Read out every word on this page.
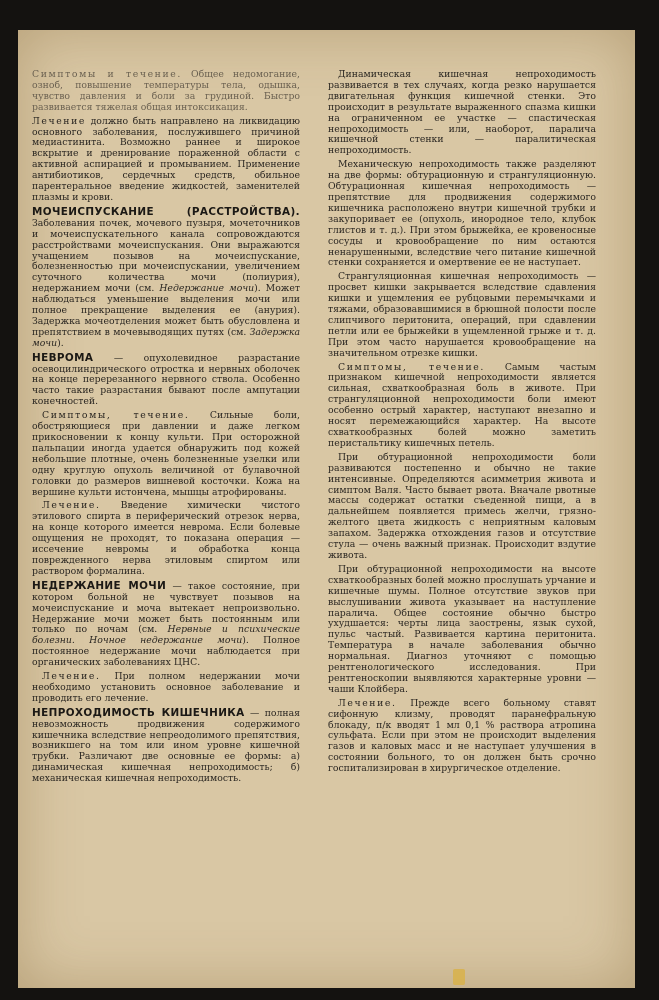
Симптомы и течение. Общее недомогание, озноб, повышение температуры тела, одышка, чувство давления и боли за грудиной. Быстро развивается тяжелая общая интоксикация.

Лечение должно быть направлено на ликвидацию основного заболевания, послужившего причиной медиастинита. Возможно раннее и широкое вскрытие и дренирование пораженной области с активной аспирацией и промыванием. Применение антибиотиков, сердечных средств, обильное парентеральное введение жидкостей, заменителей плазмы и крови.

МОЧЕИСПУСКАНИЕ (РАССТРОЙСТВА). Заболевания почек, мочевого пузыря, мочеточников и мочеиспускательного канала сопровождаются расстройствами мочеиспускания. Они выражаются учащением позывов на мочеиспускание, болезненностью при мочеиспускании, увеличением суточного количества мочи (полиурия), недержанием мочи (см. Недержание мочи). Может наблюдаться уменьшение выделения мочи или полное прекращение выделения ее (анурия). Задержка мочеотделения может быть обусловлена и препятствием в мочевыводящих путях (см. Задержка мочи).

НЕВРОМА — опухолевидное разрастание осевоцилиндрического отростка и нервных оболочек на конце перерезанного нервного ствола. Особенно часто такие разрастания бывают после ампутации конечностей.

Симптомы, течение. Сильные боли, обостряющиеся при давлении и даже легком прикосновении к концу культи. При осторожной пальпации иногда удается обнаружить под кожей небольшие плотные, очень болезненные узелки или одну круглую опухоль величиной от булавочной головки до размеров вишневой косточки. Кожа на вершине культи истончена, мышцы атрофированы.

Лечение. Введение химически чистого этилового спирта в периферический отрезок нерва, на конце которого имеется неврома. Если болевые ощущения не проходят, то показана операция — иссечение невромы и обработка конца поврежденного нерва этиловым спиртом или раствором формалина.

НЕДЕРЖАНИЕ МОЧИ — такое состояние, при котором больной не чувствует позывов на мочеиспускание и моча вытекает непроизвольно. Недержание мочи может быть постоянным или только по ночам (см. Нервные и психические болезни. Ночное недержание мочи). Полное постоянное недержание мочи наблюдается при органических заболеваниях ЦНС.

Лечение. При полном недержании мочи необходимо установить основное заболевание и проводить его лечение.

НЕПРОХОДИМОСТЬ КИШЕЧНИКА — полная невозможность продвижения содержимого кишечника вследствие непреодолимого препятствия, возникшего на том или ином уровне кишечной трубки. Различают две основные ее формы: а) динамическая кишечная непроходимость; б) механическая кишечная непроходимость.

Динамическая кишечная непроходимость развивается в тех случаях, когда резко нарушается двигательная функция кишечной стенки. Это происходит в результате выраженного спазма кишки на ограниченном ее участке — спастическая непроходимость — или, наоборот, паралича кишечной стенки — паралитическая непроходимость.

Механическую непроходимость также разделяют на две формы: обтурационную и странгуляционную. Обтурационная кишечная непроходимость — препятствие для продвижения содержимого кишечника расположено внутри кишечной трубки и закупоривает ее (опухоль, инородное тело, клубок глистов и т. д.). При этом брыжейка, ее кровеносные сосуды и кровообращение по ним остаются ненарушенными, вследствие чего питание кишечной стенки сохраняется и омертвение ее не наступает.

Странгуляционная кишечная непроходимость — просвет кишки закрывается вследствие сдавления кишки и ущемления ее рубцовыми перемычками и тяжами, образовавшимися в брюшной полости после слипчивого перитонита, операций, при сдавлении петли или ее брыжейки в ущемленной грыже и т. д. При этом часто нарушается кровообращение на значительном отрезке кишки.

Симптомы, течение. Самым частым признаком кишечной непроходимости является сильная, схваткообразная боль в животе. При странгуляционной непроходимости боли имеют особенно острый характер, наступают внезапно и носят перемежающийся характер. На высоте схваткообразных болей можно заметить перистальтику кишечных петель.

При обтурационной непроходимости боли развиваются постепенно и обычно не такие интенсивные. Определяются асимметрия живота и симптом Валя. Часто бывает рвота. Вначале рвотные массы содержат остатки съеденной пищи, а в дальнейшем появляется примесь желчи, грязно-желтого цвета жидкость с неприятным каловым запахом. Задержка отхождения газов и отсутствие стула — очень важный признак. Происходит вздутие живота.

При обтурационной непроходимости на высоте схваткообразных болей можно прослушать урчание и кишечные шумы. Полное отсутствие звуков при выслушивании живота указывает на наступление паралича. Общее состояние обычно быстро ухудшается: черты лица заострены, язык сухой, пульс частый. Развивается картина перитонита. Температура в начале заболевания обычно нормальная. Диагноз уточняют с помощью рентгенологического исследования. При рентгеноскопии выявляются характерные уровни — чаши Клойбера.

Лечение. Прежде всего больному ставят сифонную клизму, проводят паранефральную блокаду, п/к вводят 1 мл 0,1 % раствора атропина сульфата. Если при этом не происходит выделения газов и каловых масс и не наступает улучшения в состоянии больного, то он должен быть срочно госпитализирован в хирургическое отделение.
